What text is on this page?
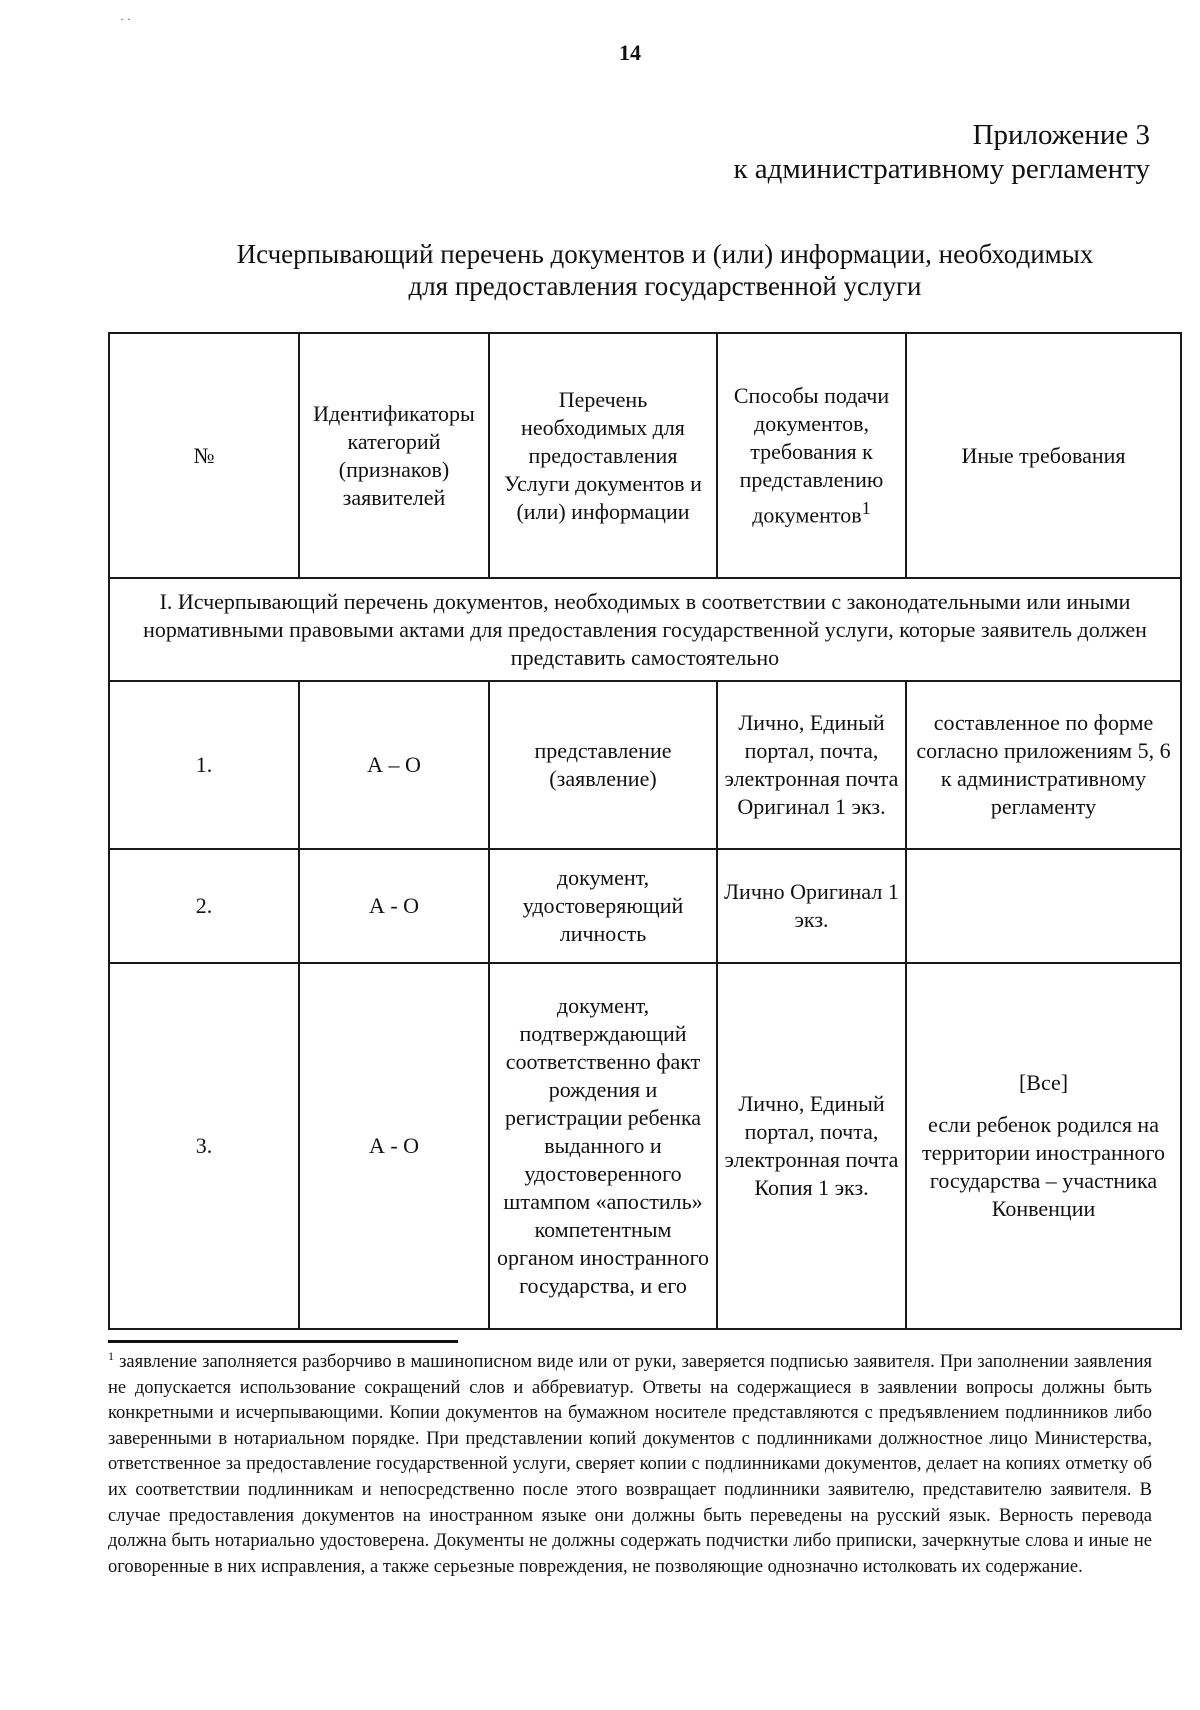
· ·
14
Приложение 3
к административному регламенту
Исчерпывающий перечень документов и (или) информации, необходимых
для предоставления государственной услуги
№	Идентификаторы категорий (признаков) заявителей	Перечень необходимых для предоставления Услуги документов и (или) информации	Способы подачи документов, требования к представлению документов$^1$	Иные требования
I. Исчерпывающий перечень документов, необходимых в соответствии с законодательными или иными нормативными правовыми актами для предоставления государственной услуги, которые заявитель должен представить самостоятельно				
1.	А – О	представление (заявление)	Лично, Единый портал, почта, электронная почта Оригинал 1 экз.	составленное по форме согласно приложениям 5, 6 к административному регламенту
2.	А - О	документ, удостоверяющий личность	Лично Оригинал 1 экз.	
3.	А - О	документ, подтверждающий соответственно факт рождения и регистрации ребенка выданного и удостоверенного штампом «апостиль» компетентным органом иностранного государства, и его	Лично, Единый портал, почта, электронная почта Копия 1 экз.	[Все]
если ребенок родился на территории иностранного государства – участника Конвенции
$^1$ заявление заполняется разборчиво в машинописном виде или от руки, заверяется подписью заявителя. При заполнении заявления не допускается использование сокращений слов и аббревиатур. Ответы на содержащиеся в заявлении вопросы должны быть конкретными и исчерпывающими. Копии документов на бумажном носителе представляются с предъявлением подлинников либо заверенными в нотариальном порядке. При представлении копий документов с подлинниками должностное лицо Министерства, ответственное за предоставление государственной услуги, сверяет копии с подлинниками документов, делает на копиях отметку об их соответствии подлинникам и непосредственно после этого возвращает подлинники заявителю, представителю заявителя. В случае предоставления документов на иностранном языке они должны быть переведены на русский язык. Верность перевода должна быть нотариально удостоверена. Документы не должны содержать подчистки либо приписки, зачеркнутые слова и иные не оговоренные в них исправления, а также серьезные повреждения, не позволяющие однозначно истолковать их содержание.
